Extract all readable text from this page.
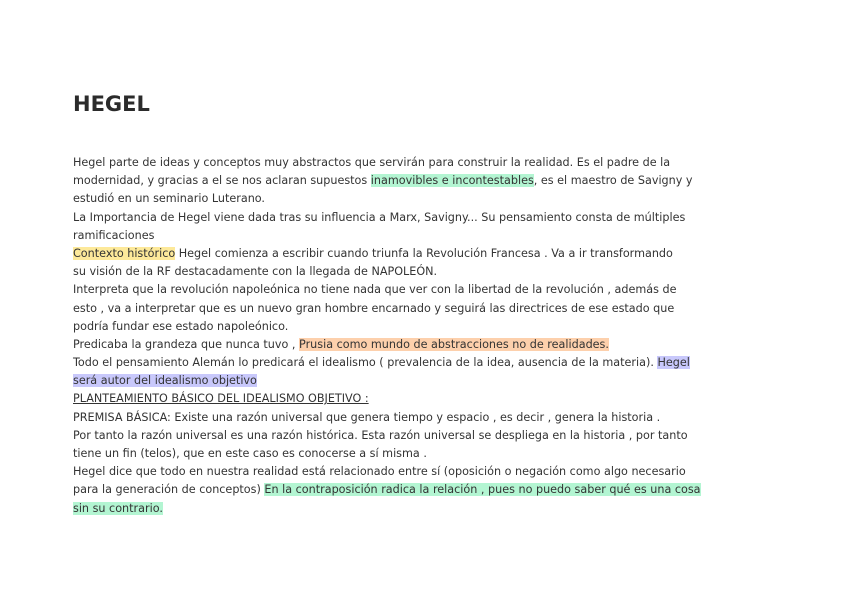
HEGEL
Hegel parte de ideas y conceptos muy abstractos que servirán para construir la realidad. Es el padre de la
modernidad, y gracias a el se nos aclaran supuestos inamovibles e incontestables, es el maestro de Savigny y
estudió en un seminario Luterano.
La Importancia de Hegel viene dada tras su influencia a Marx, Savigny... Su pensamiento consta de múltiples
ramificaciones
Contexto histórico Hegel comienza a escribir cuando triunfa la Revolución Francesa . Va a ir transformando
su visión de la RF destacadamente con la llegada de NAPOLEÓN.
Interpreta que la revolución napoleónica no tiene nada que ver con la libertad de la revolución , además de
esto , va a interpretar que es un nuevo gran hombre encarnado y seguirá las directrices de ese estado que
podría fundar ese estado napoleónico.
Predicaba la grandeza que nunca tuvo , Prusia como mundo de abstracciones no de realidades.
Todo el pensamiento Alemán lo predicará el idealismo ( prevalencia de la idea, ausencia de la materia). Hegel
será autor del idealismo objetivo
PLANTEAMIENTO BÁSICO DEL IDEALISMO OBJETIVO :
PREMISA BÁSICA: Existe una razón universal que genera tiempo y espacio , es decir , genera la historia .
Por tanto la razón universal es una razón histórica. Esta razón universal se despliega en la historia , por tanto
tiene un fin (telos), que en este caso es conocerse a sí misma .
Hegel dice que todo en nuestra realidad está relacionado entre sí (oposición o negación como algo necesario
para la generación de conceptos) En la contraposición radica la relación , pues no puedo saber qué es una cosa
sin su contrario.
